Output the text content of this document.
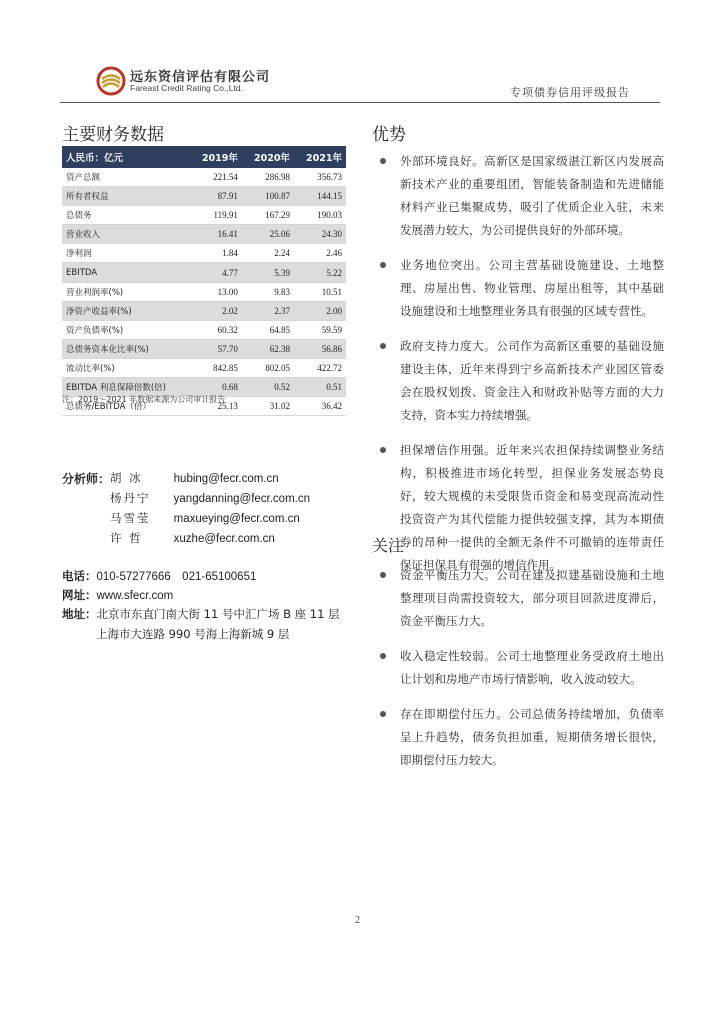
远东资信评估有限公司
Fareast Credit Rating Co.,Ltd.	专项债券信用评级报告
主要财务数据
人民币：亿元	2019年	2020年	2021年
资产总额	221.54	286.98	356.73
所有者权益	87.91	100.87	144.15
总债务	119.91	167.29	190.03
营业收入	16.41	25.06	24.30
净利润	1.84	2.24	2.46
EBITDA	4.77	5.39	5.22
营业利润率(%)	13.00	9.83	10.51
净资产收益率(%)	2.02	2.37	2.00
资产负债率(%)	60.32	64.85	59.59
总债务资本化比率(%)	57.70	62.38	56.86
流动比率(%)	842.85	802.05	422.72
EBITDA 利息保障倍数(倍)	0.68	0.52	0.51
总债务/EBITDA（倍）	25.13	31.02	36.42
注：2019～2021 年数据来源为公司审计报告
分析师： 胡 冰	hubing@fecr.com.cn
杨丹宁 yangdanning@fecr.com.cn
马雪莹 maxueying@fecr.com.cn
许 哲	xuzhe@fecr.com.cn
电话：010-57277666　021-65100651
网址：www.sfecr.com
地址：北京市东直门南大街 11 号中汇广场 B 座 11 层
上海市大连路 990 号海上海新城 9 层
优势
外部环境良好。高新区是国家级湛江新区内发展高新技术产业的重要组团，智能装备制造和先进储能材料产业已集聚成势，吸引了优质企业入驻，未来发展潜力较大，为公司提供良好的外部环境。
业务地位突出。公司主营基础设施建设、土地整理、房屋出售、物业管理、房屋出租等，其中基础设施建设和土地整理业务具有很强的区域专营性。
政府支持力度大。公司作为高新区重要的基础设施建设主体，近年来得到宁乡高新技术产业园区管委会在股权划拨、资金注入和财政补贴等方面的大力支持，资本实力持续增强。
担保增信作用强。近年来兴农担保持续调整业务结构，积极推进市场化转型，担保业务发展态势良好，较大规模的未受限货币资金和易变现高流动性投资资产为其代偿能力提供较强支撑，其为本期债券的昂种一提供的全额无条件不可撤销的连带责任保证担保具有很强的增信作用。
关注
资金平衡压力大。公司在建及拟建基础设施和土地整理项目尚需投资较大，部分项目回款进度滞后，资金平衡压力大。
收入稳定性较弱。公司土地整理业务受政府土地出让计划和房地产市场行情影响，收入波动较大。
存在即期偿付压力。公司总债务持续增加，负债率呈上升趋势，债务负担加重，短期债务增长很快，即期偿付压力较大。
2
